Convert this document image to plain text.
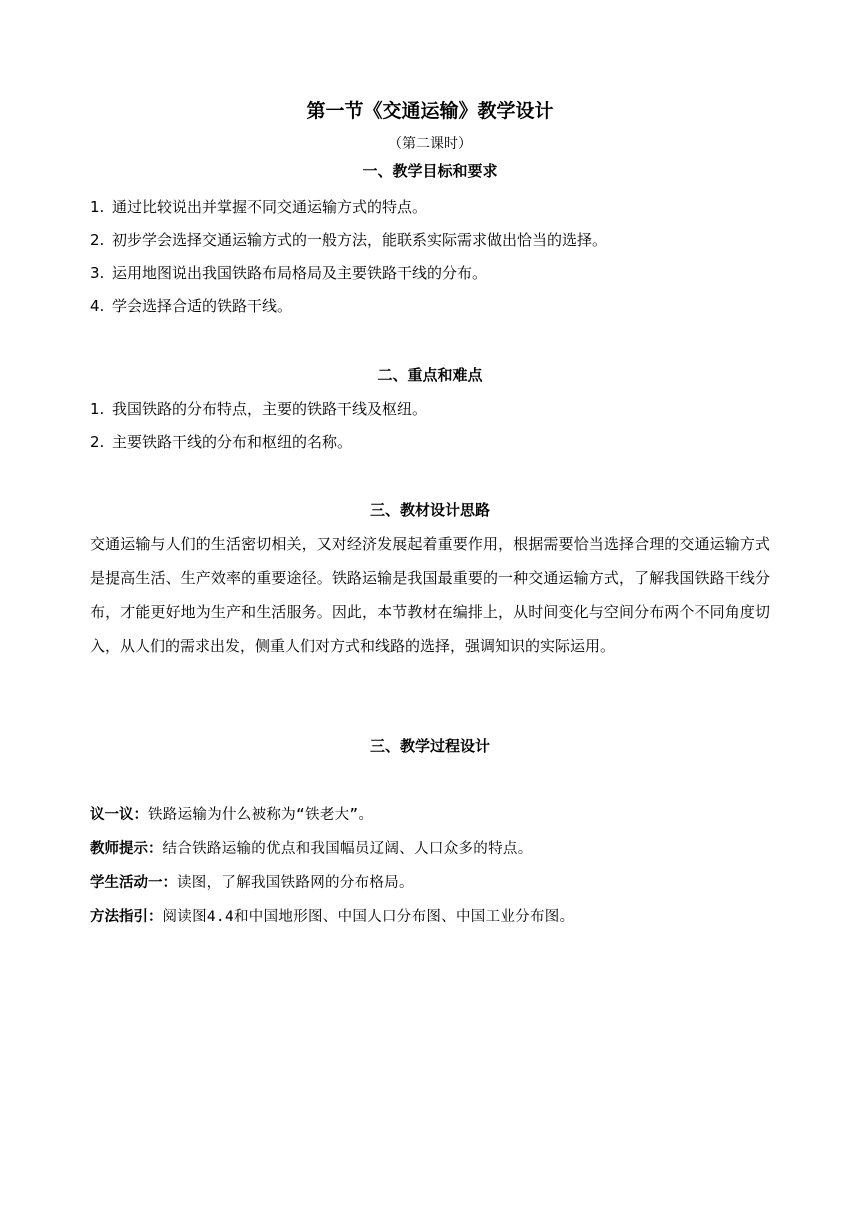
第一节《交通运输》教学设计
（第二课时）
一、教学目标和要求
1. 通过比较说出并掌握不同交通运输方式的特点。
2. 初步学会选择交通运输方式的一般方法，能联系实际需求做出恰当的选择。
3. 运用地图说出我国铁路布局格局及主要铁路干线的分布。
4. 学会选择合适的铁路干线。
二、重点和难点
1. 我国铁路的分布特点，主要的铁路干线及枢纽。
2. 主要铁路干线的分布和枢纽的名称。
三、教材设计思路
交通运输与人们的生活密切相关，又对经济发展起着重要作用，根据需要恰当选择合理的交通运输方式是提高生活、生产效率的重要途径。铁路运输是我国最重要的一种交通运输方式，了解我国铁路干线分布，才能更好地为生产和生活服务。因此，本节教材在编排上，从时间变化与空间分布两个不同角度切入，从人们的需求出发，侧重人们对方式和线路的选择，强调知识的实际运用。
三、教学过程设计
议一议：铁路运输为什么被称为“铁老大”。
教师提示：结合铁路运输的优点和我国幅员辽阔、人口众多的特点。
学生活动一：读图，了解我国铁路网的分布格局。
方法指引：阅读图4.4和中国地形图、中国人口分布图、中国工业分布图。
